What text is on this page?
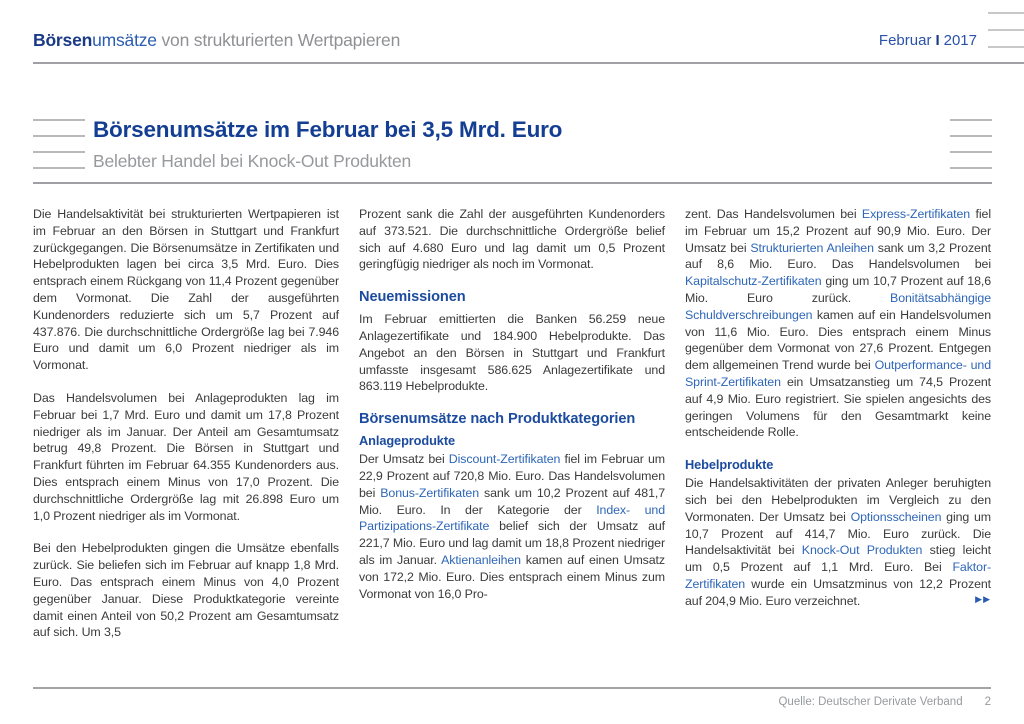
Börsenumsätze von strukturierten Wertpapieren	Februar I 2017
Börsenumsätze im Februar bei 3,5 Mrd. Euro
Belebter Handel bei Knock-Out Produkten

Die Handelsaktivität bei strukturierten Wertpapieren ist im Februar an den Börsen in Stuttgart und Frankfurt zurückgegangen. Die Börsenumsätze in Zertifikaten und Hebelprodukten lagen bei circa 3,5 Mrd. Euro. Dies entsprach einem Rückgang von 11,4 Prozent gegenüber dem Vormonat. Die Zahl der ausgeführten Kundenorders reduzierte sich um 5,7 Prozent auf 437.876. Die durchschnittliche Ordergröße lag bei 7.946 Euro und damit um 6,0 Prozent niedriger als im Vormonat.

Das Handelsvolumen bei Anlageprodukten lag im Februar bei 1,7 Mrd. Euro und damit um 17,8 Prozent niedriger als im Januar. Der Anteil am Gesamtumsatz betrug 49,8 Prozent. Die Börsen in Stuttgart und Frankfurt führten im Februar 64.355 Kundenorders aus. Dies entsprach einem Minus von 17,0 Prozent. Die durchschnittliche Ordergröße lag mit 26.898 Euro um 1,0 Prozent niedriger als im Vormonat.

Bei den Hebelprodukten gingen die Umsätze ebenfalls zurück. Sie beliefen sich im Februar auf knapp 1,8 Mrd. Euro. Das entsprach einem Minus von 4,0 Prozent gegenüber Januar. Diese Produktkategorie vereinte damit einen Anteil von 50,2 Prozent am Gesamtumsatz auf sich. Um 3,5

Prozent sank die Zahl der ausgeführten Kundenorders auf 373.521. Die durchschnittliche Ordergröße belief sich auf 4.680 Euro und lag damit um 0,5 Prozent geringfügig niedriger als noch im Vormonat.

Neuemissionen

Im Februar emittierten die Banken 56.259 neue Anlagezertifikate und 184.900 Hebelprodukte. Das Angebot an den Börsen in Stuttgart und Frankfurt umfasste insgesamt 586.625 Anlagezertifikate und 863.119 Hebelprodukte.

Börsenumsätze nach Produktkategorien
Anlageprodukte

Der Umsatz bei Discount-Zertifikaten fiel im Februar um 22,9 Prozent auf 720,8 Mio. Euro. Das Handelsvolumen bei Bonus-Zertifikaten sank um 10,2 Prozent auf 481,7 Mio. Euro. In der Kategorie der Index- und Partizipations-Zertifikate belief sich der Umsatz auf 221,7 Mio. Euro und lag damit um 18,8 Prozent niedriger als im Januar. Aktienanleihen kamen auf einen Umsatz von 172,2 Mio. Euro. Dies entsprach einem Minus zum Vormonat von 16,0 Pro-

zent. Das Handelsvolumen bei Express-Zertifikaten fiel im Februar um 15,2 Prozent auf 90,9 Mio. Euro. Der Umsatz bei Strukturierten Anleihen sank um 3,2 Prozent auf 8,6 Mio. Euro. Das Handelsvolumen bei Kapitalschutz-Zertifikaten ging um 10,7 Prozent auf 18,6 Mio. Euro zurück. Bonitätsabhängige Schuldverschreibungen kamen auf ein Handelsvolumen von 11,6 Mio. Euro. Dies entsprach einem Minus gegenüber dem Vormonat von 27,6 Prozent. Entgegen dem allgemeinen Trend wurde bei Outperformance- und Sprint-Zertifikaten ein Umsatzanstieg um 74,5 Prozent auf 4,9 Mio. Euro registriert. Sie spielen angesichts des geringen Volumens für den Gesamtmarkt keine entscheidende Rolle.

Hebelprodukte

Die Handelsaktivitäten der privaten Anleger beruhigten sich bei den Hebelprodukten im Vergleich zu den Vormonaten. Der Umsatz bei Optionsscheinen ging um 10,7 Prozent auf 414,7 Mio. Euro zurück. Die Handelsaktivität bei Knock-Out Produkten stieg leicht um 0,5 Prozent auf 1,1 Mrd. Euro. Bei Faktor-Zertifikaten wurde ein Umsatzminus von 12,2 Prozent auf 204,9 Mio. Euro verzeichnet.	▶▶

Quelle: Deutscher Derivate Verband 2
